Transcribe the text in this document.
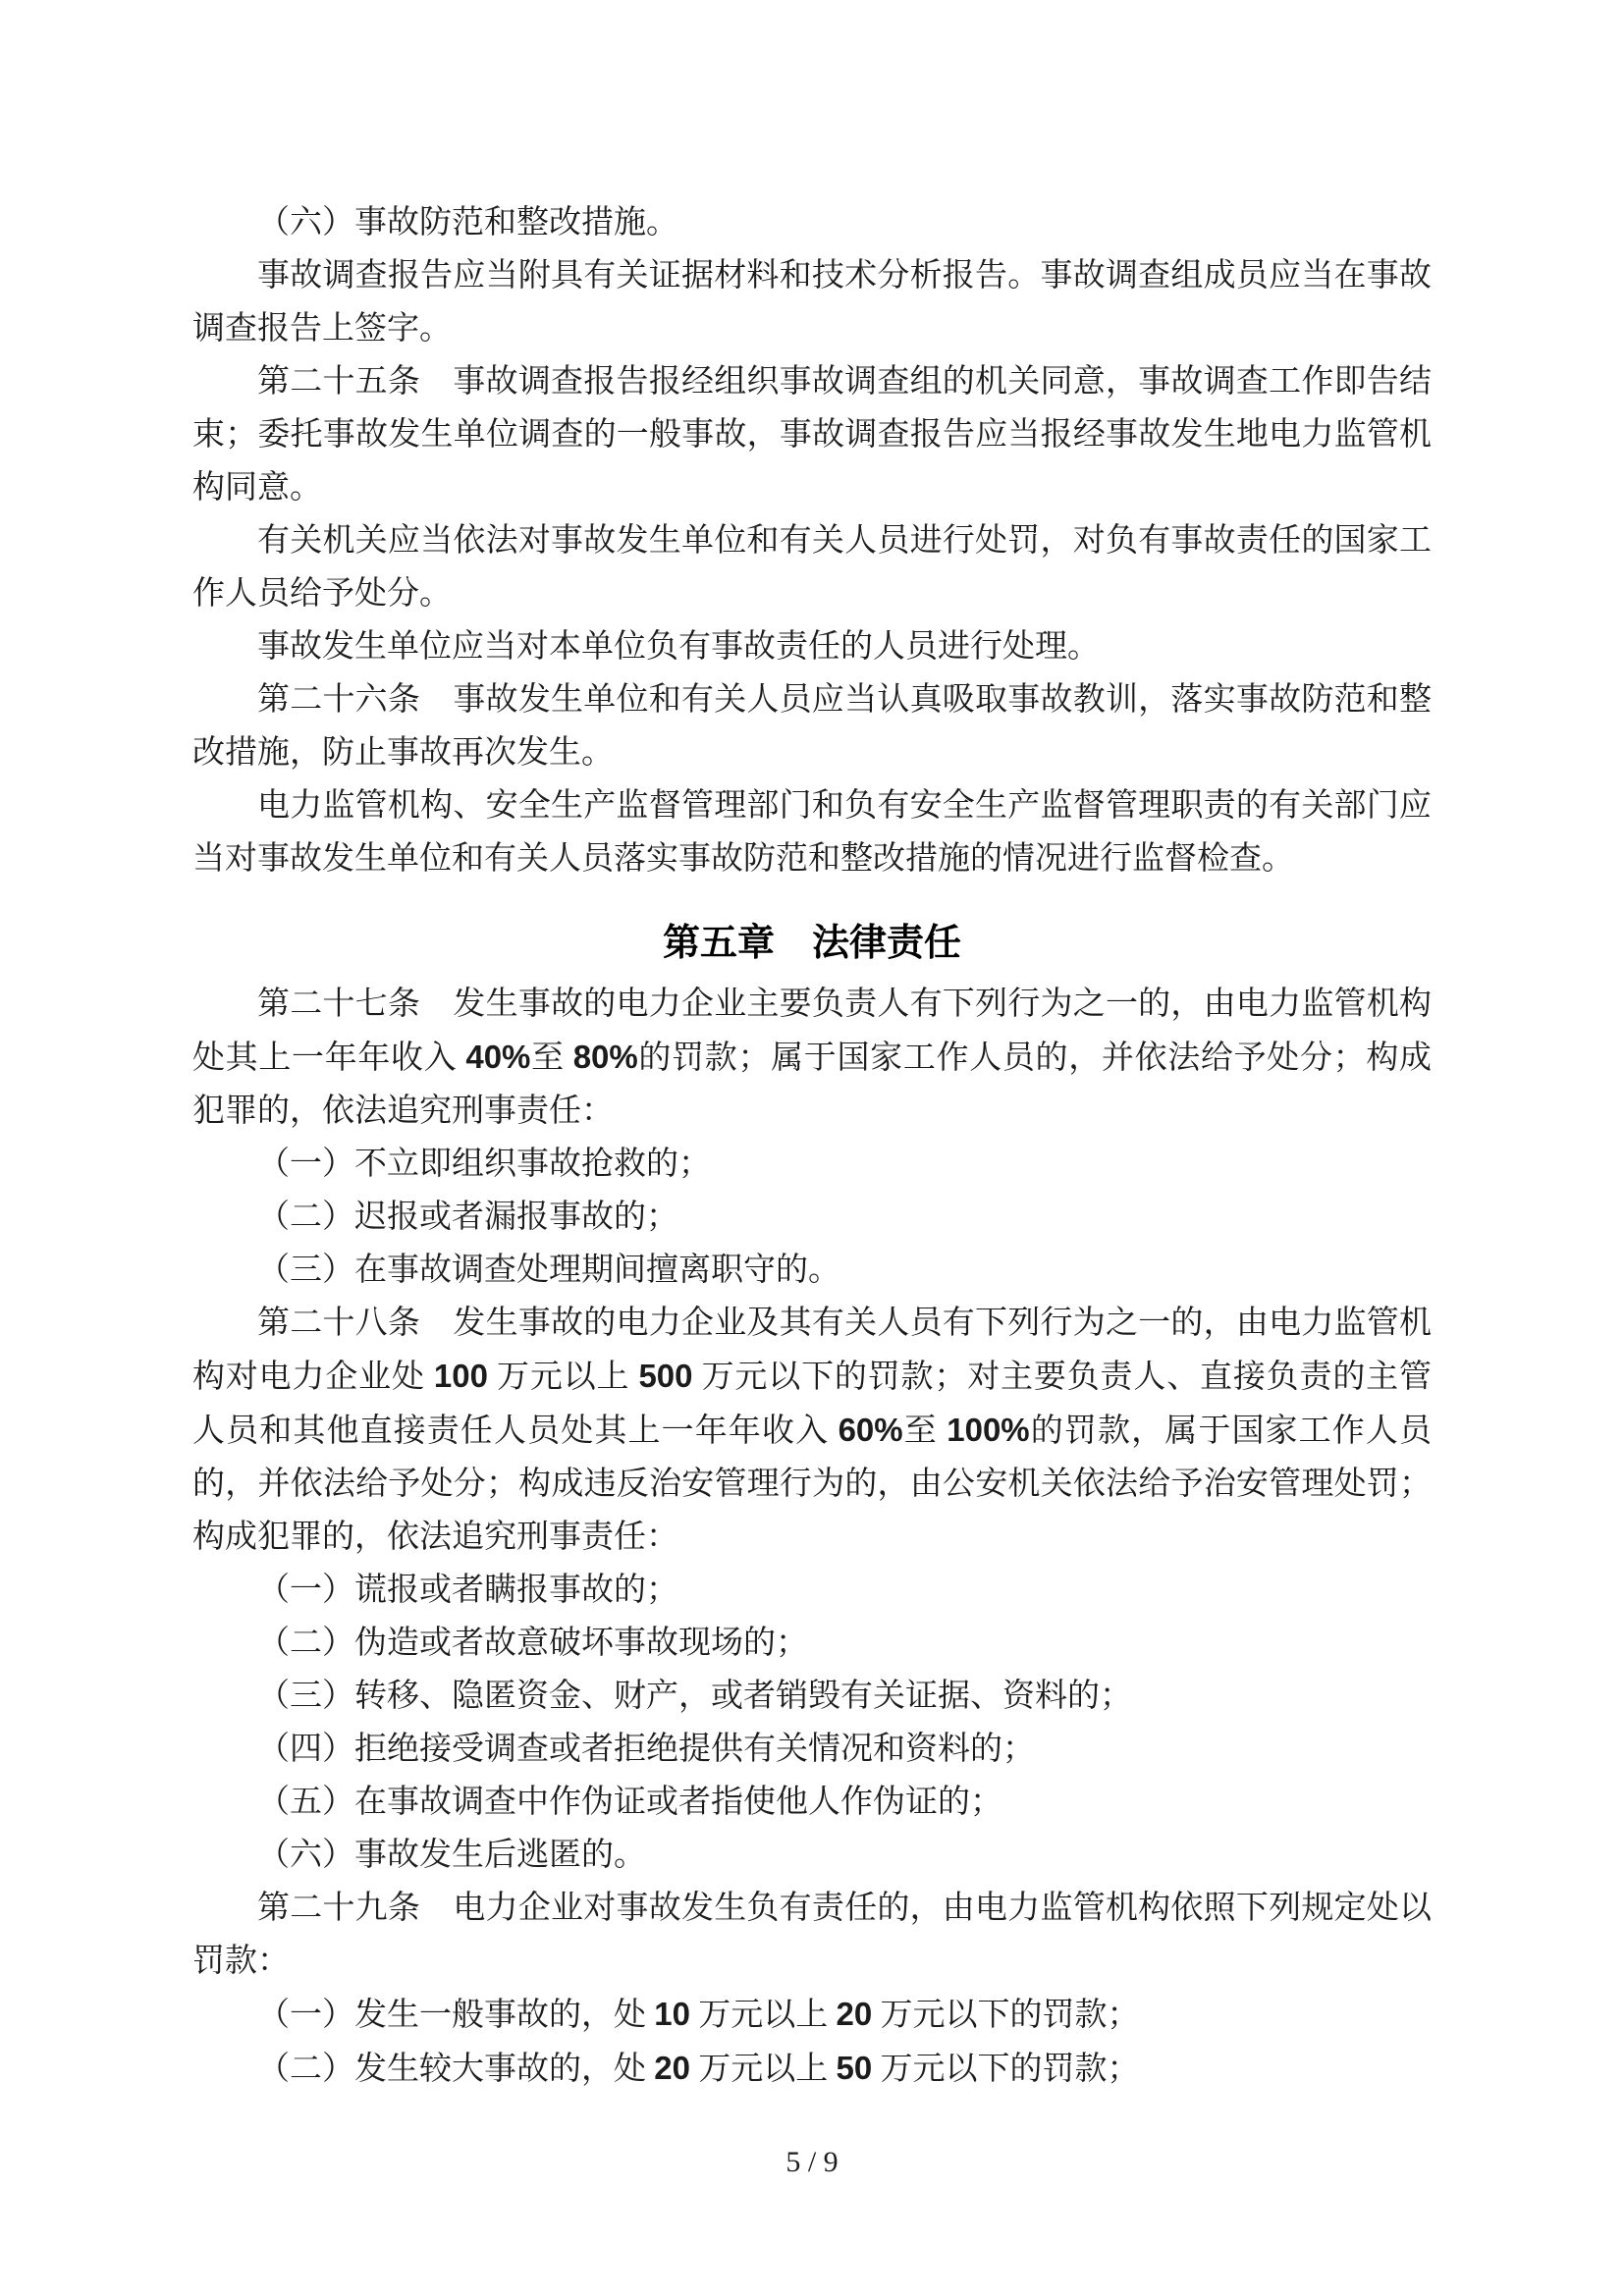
（六）事故防范和整改措施。

事故调查报告应当附具有关证据材料和技术分析报告。事故调查组成员应当在事故调查报告上签字。

第二十五条　事故调查报告报经组织事故调查组的机关同意，事故调查工作即告结束；委托事故发生单位调查的一般事故，事故调查报告应当报经事故发生地电力监管机构同意。

有关机关应当依法对事故发生单位和有关人员进行处罚，对负有事故责任的国家工作人员给予处分。

事故发生单位应当对本单位负有事故责任的人员进行处理。

第二十六条　事故发生单位和有关人员应当认真吸取事故教训，落实事故防范和整改措施，防止事故再次发生。

电力监管机构、安全生产监督管理部门和负有安全生产监督管理职责的有关部门应当对事故发生单位和有关人员落实事故防范和整改措施的情况进行监督检查。

第五章　法律责任

第二十七条　发生事故的电力企业主要负责人有下列行为之一的，由电力监管机构处其上一年年收入 40%至 80%的罚款；属于国家工作人员的，并依法给予处分；构成犯罪的，依法追究刑事责任：

（一）不立即组织事故抢救的；

（二）迟报或者漏报事故的；

（三）在事故调查处理期间擅离职守的。

第二十八条　发生事故的电力企业及其有关人员有下列行为之一的，由电力监管机构对电力企业处 100 万元以上 500 万元以下的罚款；对主要负责人、直接负责的主管人员和其他直接责任人员处其上一年年收入 60%至 100%的罚款，属于国家工作人员的，并依法给予处分；构成违反治安管理行为的，由公安机关依法给予治安管理处罚；构成犯罪的，依法追究刑事责任：

（一）谎报或者瞒报事故的；

（二）伪造或者故意破坏事故现场的；

（三）转移、隐匿资金、财产，或者销毁有关证据、资料的；

（四）拒绝接受调查或者拒绝提供有关情况和资料的；

（五）在事故调查中作伪证或者指使他人作伪证的；

（六）事故发生后逃匿的。

第二十九条　电力企业对事故发生负有责任的，由电力监管机构依照下列规定处以罚款：

（一）发生一般事故的，处 10 万元以上 20 万元以下的罚款；

（二）发生较大事故的，处 20 万元以上 50 万元以下的罚款；

5 / 9
